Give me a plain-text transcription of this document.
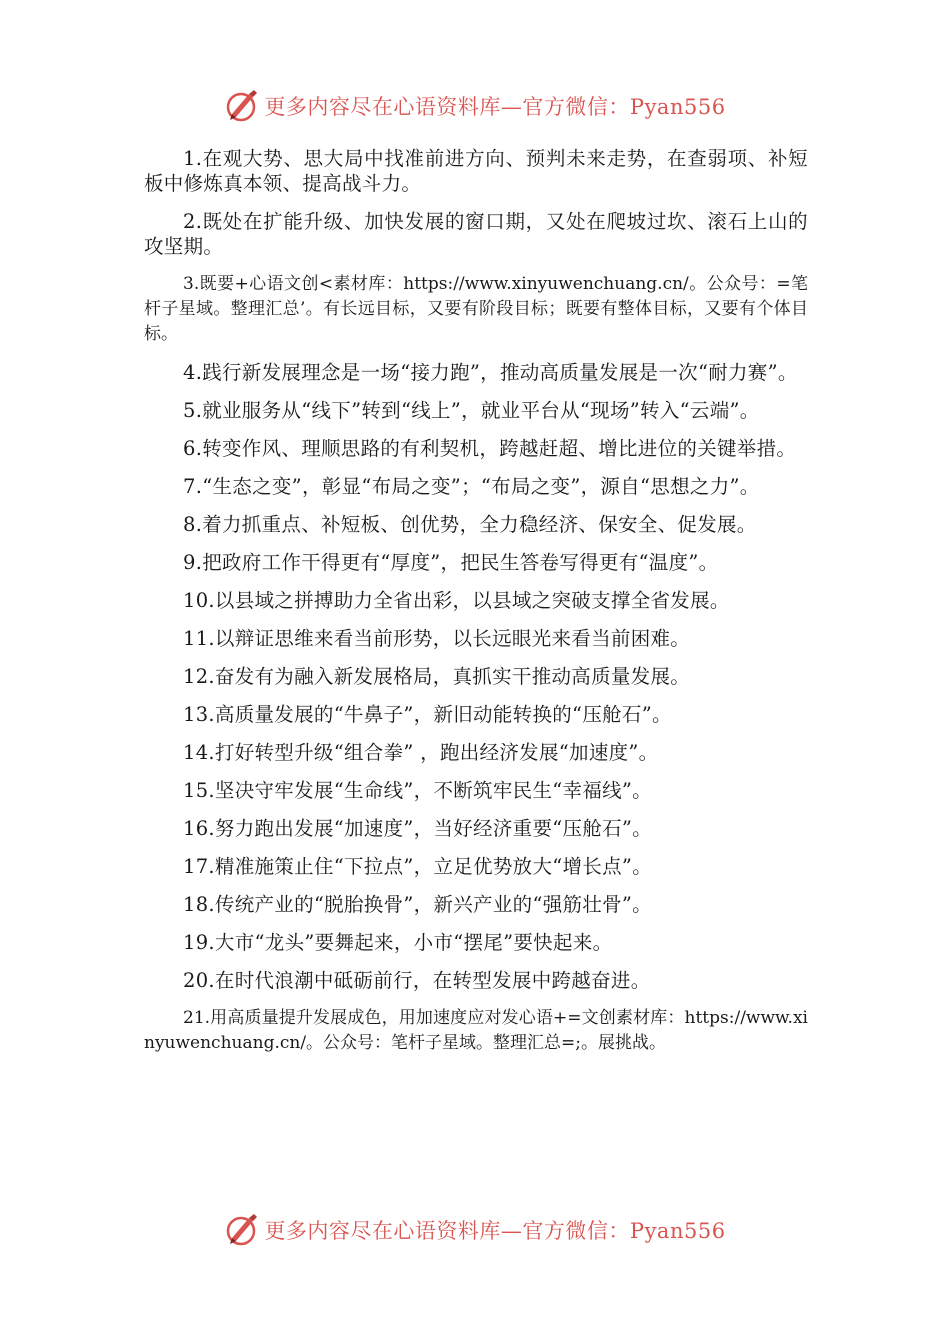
更多内容尽在心语资料库—官方微信：Pyan556

1.在观大势、思大局中找准前进方向、预判未来走势，在查弱项、补短板中修炼真本领、提高战斗力。

2.既处在扩能升级、加快发展的窗口期，又处在爬坡过坎、滚石上山的攻坚期。

3.既要+心语文创<素材库：https://www.xinyuwenchuang.cn/。公众号：=笔杆子星域。整理汇总’。有长远目标，又要有阶段目标；既要有整体目标，又要有个体目标。

4.践行新发展理念是一场“接力跑”，推动高质量发展是一次“耐力赛”。

5.就业服务从“线下”转到“线上”，就业平台从“现场”转入“云端”。

6.转变作风、理顺思路的有利契机，跨越赶超、增比进位的关键举措。

7.“生态之变”，彰显“布局之变”；“布局之变”，源自“思想之力”。

8.着力抓重点、补短板、创优势，全力稳经济、保安全、促发展。

9.把政府工作干得更有“厚度”，把民生答卷写得更有“温度”。

10.以县域之拼搏助力全省出彩，以县域之突破支撑全省发展。

11.以辩证思维来看当前形势，以长远眼光来看当前困难。

12.奋发有为融入新发展格局，真抓实干推动高质量发展。

13.高质量发展的“牛鼻子”，新旧动能转换的“压舱石”。

14.打好转型升级“组合拳” ，跑出经济发展“加速度”。

15.坚决守牢发展“生命线”，不断筑牢民生“幸福线”。

16.努力跑出发展“加速度”，当好经济重要“压舱石”。

17.精准施策止住“下拉点”，立足优势放大“增长点”。

18.传统产业的“脱胎换骨”，新兴产业的“强筋壮骨”。

19.大市“龙头”要舞起来，小市“摆尾”要快起来。

20.在时代浪潮中砥砺前行，在转型发展中跨越奋进。

21.用高质量提升发展成色，用加速度应对发心语+=文创素材库：https://www.xinyuwenchuang.cn/。公众号：笔杆子星域。整理汇总=;。展挑战。

更多内容尽在心语资料库—官方微信：Pyan556
